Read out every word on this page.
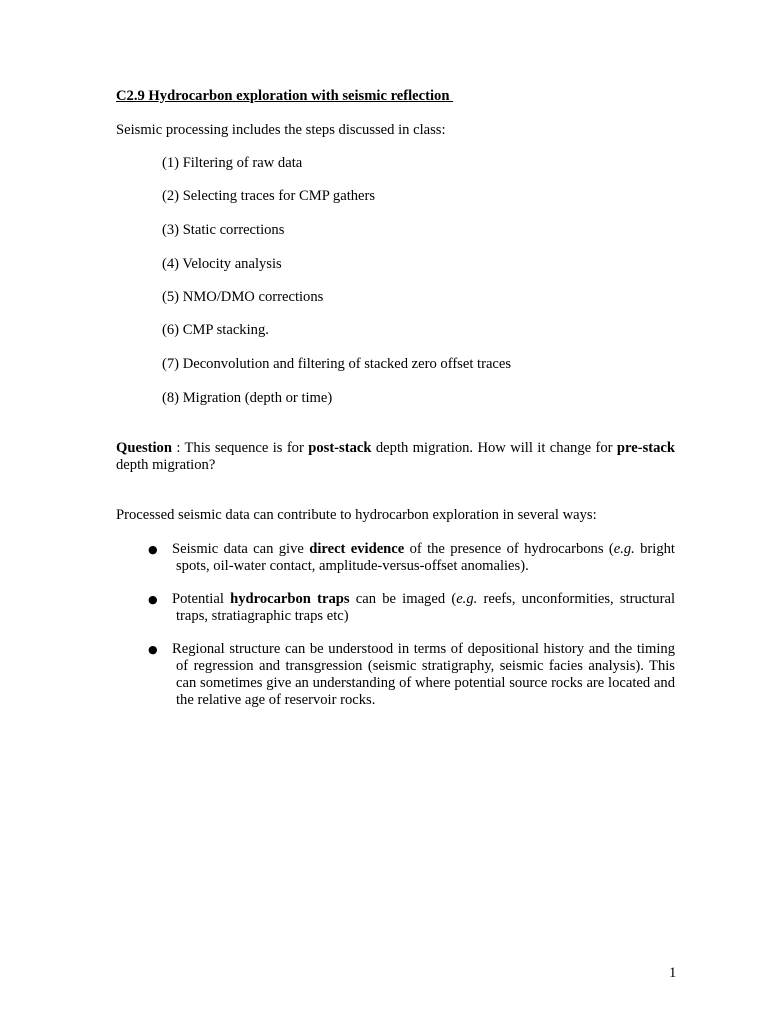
C2.9 Hydrocarbon exploration with seismic reflection
Seismic processing includes the steps discussed in class:
(1) Filtering of raw data
(2) Selecting traces for CMP gathers
(3) Static corrections
(4) Velocity analysis
(5) NMO/DMO corrections
(6) CMP stacking.
(7) Deconvolution and filtering of stacked zero offset traces
(8) Migration (depth or time)
Question : This sequence is for post-stack depth migration. How will it change for pre-stack depth migration?
Processed seismic data can contribute to hydrocarbon exploration in several ways:
● Seismic data can give direct evidence of the presence of hydrocarbons (e.g. bright spots, oil-water contact, amplitude-versus-offset anomalies).
● Potential hydrocarbon traps can be imaged (e.g. reefs, unconformities, structural traps, stratiagraphic traps etc)
● Regional structure can be understood in terms of depositional history and the timing of regression and transgression (seismic stratigraphy, seismic facies analysis). This can sometimes give an understanding of where potential source rocks are located and the relative age of reservoir rocks.
1
